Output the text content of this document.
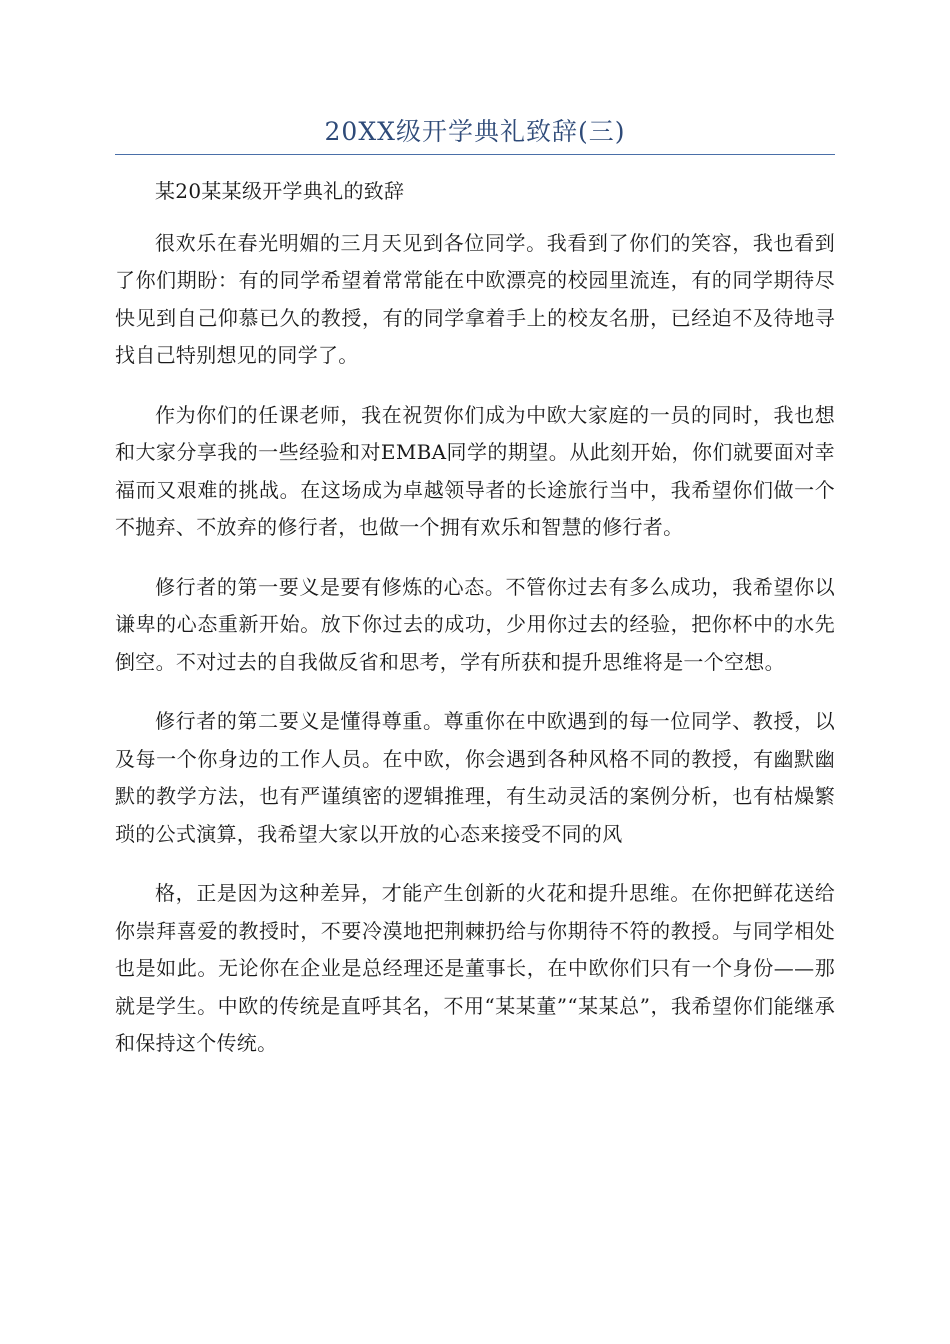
20XX级开学典礼致辞(三)

某20某某级开学典礼的致辞

很欢乐在春光明媚的三月天见到各位同学。我看到了你们的笑容，我也看到了你们期盼：有的同学希望着常常能在中欧漂亮的校园里流连，有的同学期待尽快见到自己仰慕已久的教授，有的同学拿着手上的校友名册，已经迫不及待地寻找自己特别想见的同学了。

作为你们的任课老师，我在祝贺你们成为中欧大家庭的一员的同时，我也想和大家分享我的一些经验和对EMBA同学的期望。从此刻开始，你们就要面对幸福而又艰难的挑战。在这场成为卓越领导者的长途旅行当中，我希望你们做一个不抛弃、不放弃的修行者，也做一个拥有欢乐和智慧的修行者。

修行者的第一要义是要有修炼的心态。不管你过去有多么成功，我希望你以谦卑的心态重新开始。放下你过去的成功，少用你过去的经验，把你杯中的水先倒空。不对过去的自我做反省和思考，学有所获和提升思维将是一个空想。

修行者的第二要义是懂得尊重。尊重你在中欧遇到的每一位同学、教授，以及每一个你身边的工作人员。在中欧，你会遇到各种风格不同的教授，有幽默幽默的教学方法，也有严谨缜密的逻辑推理，有生动灵活的案例分析，也有枯燥繁琐的公式演算，我希望大家以开放的心态来接受不同的风

格，正是因为这种差异，才能产生创新的火花和提升思维。在你把鲜花送给你崇拜喜爱的教授时，不要冷漠地把荆棘扔给与你期待不符的教授。与同学相处也是如此。无论你在企业是总经理还是董事长，在中欧你们只有一个身份——那就是学生。中欧的传统是直呼其名，不用“某某董”“某某总”，我希望你们能继承和保持这个传统。
